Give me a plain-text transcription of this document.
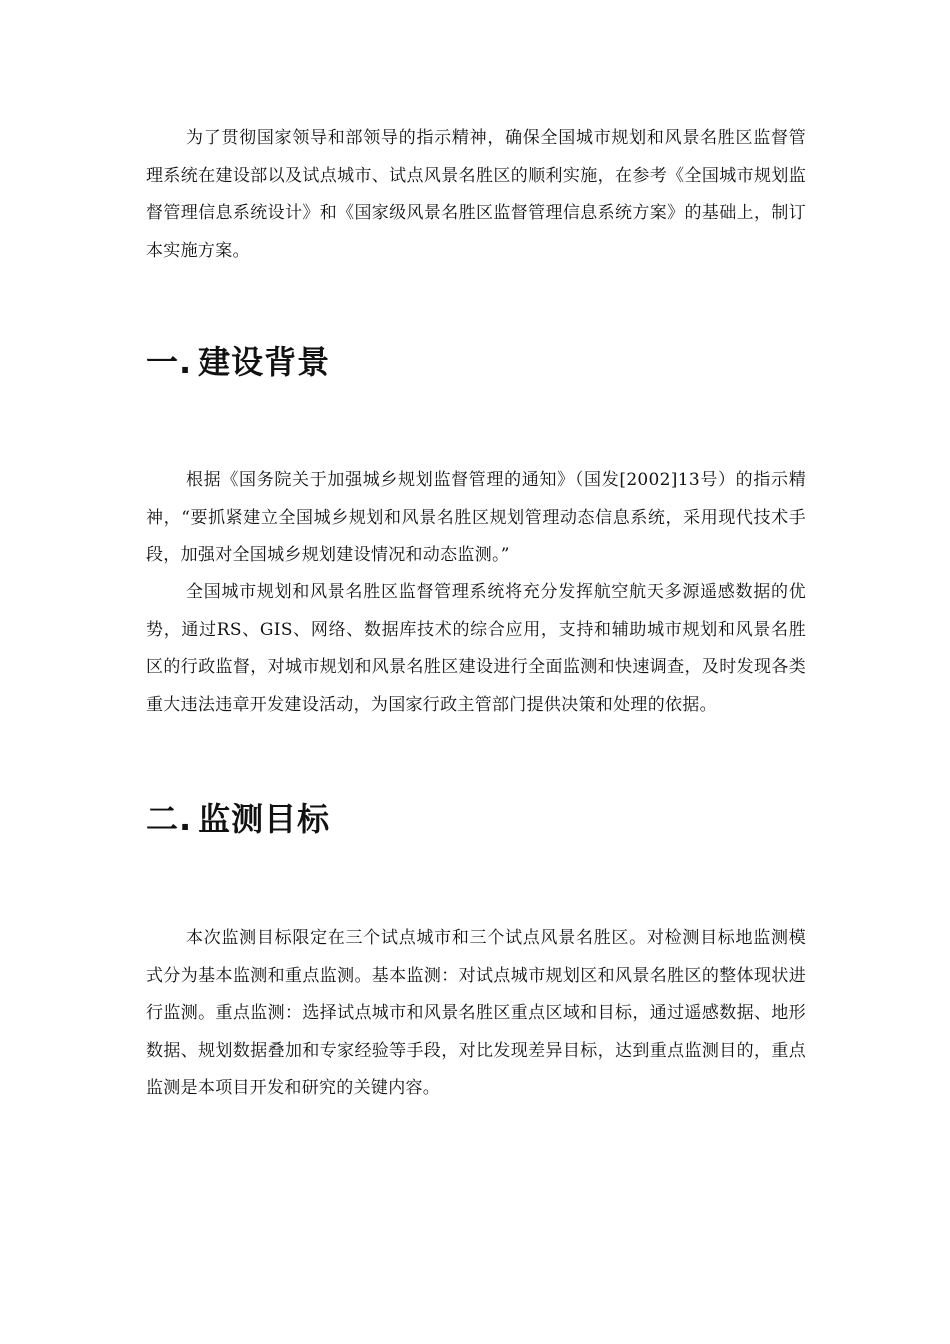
为了贯彻国家领导和部领导的指示精神，确保全国城市规划和风景名胜区监督管理系统在建设部以及试点城市、试点风景名胜区的顺利实施，在参考《全国城市规划监督管理信息系统设计》和《国家级风景名胜区监督管理信息系统方案》的基础上，制订本实施方案。

一. 建设背景

根据《国务院关于加强城乡规划监督管理的通知》（国发[2002]13号）的指示精神，“要抓紧建立全国城乡规划和风景名胜区规划管理动态信息系统，采用现代技术手段，加强对全国城乡规划建设情况和动态监测。”

全国城市规划和风景名胜区监督管理系统将充分发挥航空航天多源遥感数据的优势，通过RS、GIS、网络、数据库技术的综合应用，支持和辅助城市规划和风景名胜区的行政监督，对城市规划和风景名胜区建设进行全面监测和快速调查，及时发现各类重大违法违章开发建设活动，为国家行政主管部门提供决策和处理的依据。

二. 监测目标

本次监测目标限定在三个试点城市和三个试点风景名胜区。对检测目标地监测模式分为基本监测和重点监测。基本监测：对试点城市规划区和风景名胜区的整体现状进行监测。重点监测：选择试点城市和风景名胜区重点区域和目标，通过遥感数据、地形数据、规划数据叠加和专家经验等手段，对比发现差异目标，达到重点监测目的，重点监测是本项目开发和研究的关键内容。
